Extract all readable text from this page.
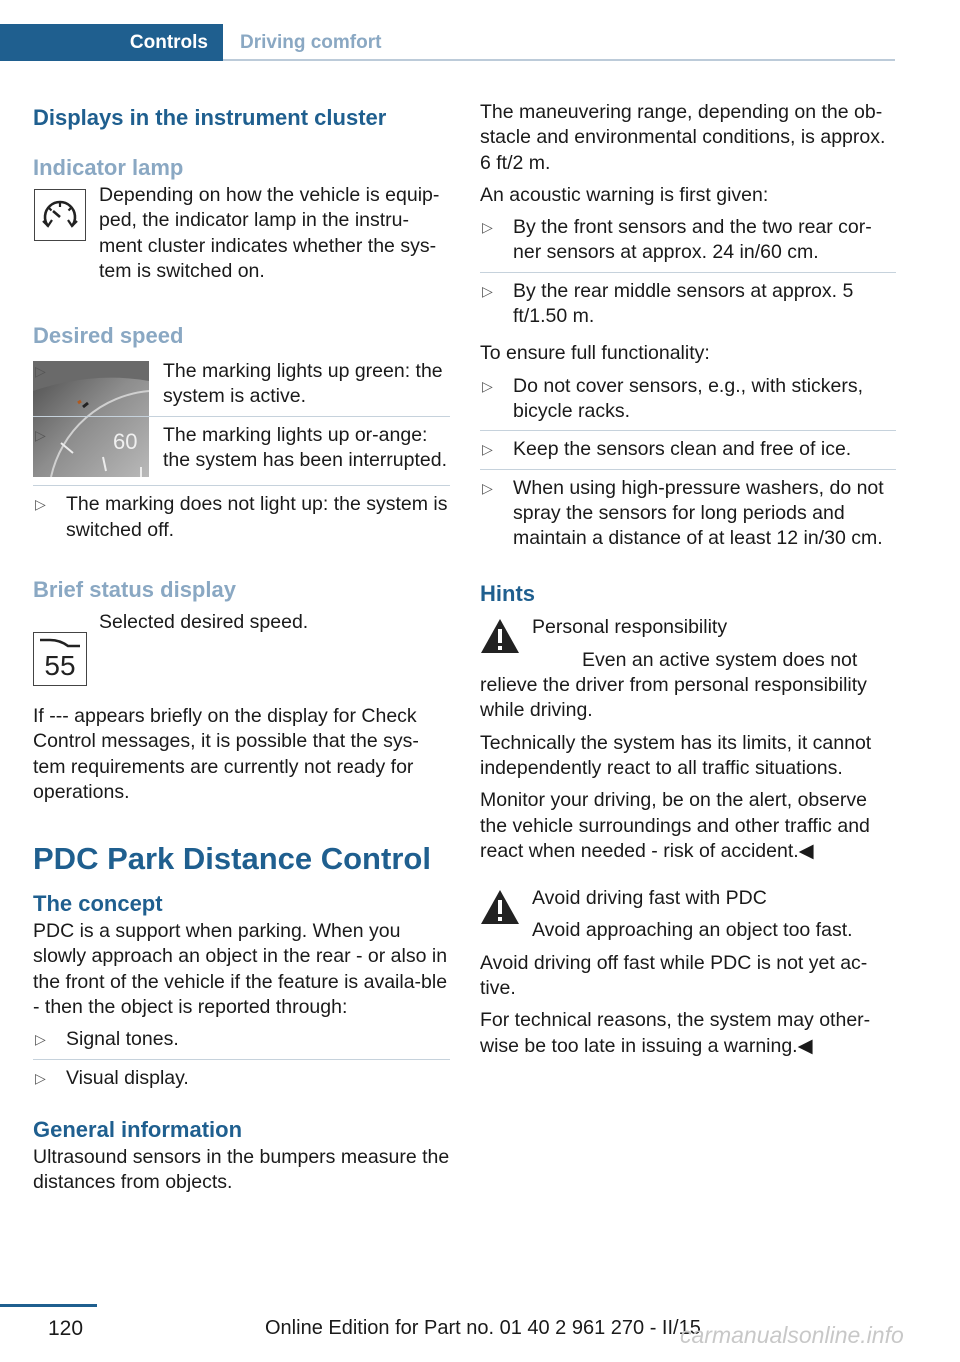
Controls	Driving comfort
Displays in the instrument cluster
Indicator lamp

Depending on how the vehicle is equip-ped, the indicator lamp in the instru-ment cluster indicates whether the sys-tem is switched on.

Desired speed
60
▷	The marking lights up green: the system is active.
▷	The marking lights up or-ange: the system has been interrupted.
▷ The marking does not light up: the system is switched off.
Brief status display
55

Selected desired speed.

If --- appears briefly on the display for Check Control messages, it is possible that the sys-tem requirements are currently not ready for operations.

PDC Park Distance Control
The concept

PDC is a support when parking. When you slowly approach an object in the rear - or also in the front of the vehicle if the feature is availa-ble - then the object is reported through:

▷ Signal tones.
▷ Visual display.
General information

Ultrasound sensors in the bumpers measure the distances from objects.

The maneuvering range, depending on the ob-stacle and environmental conditions, is approx. 6 ft/2 m.

An acoustic warning is first given:

▷ By the front sensors and the two rear cor-ner sensors at approx. 24 in/60 cm.
▷ By the rear middle sensors at approx. 5 ft/1.50 m.

To ensure full functionality:

▷ Do not cover sensors, e.g., with stickers, bicycle racks.
▷ Keep the sensors clean and free of ice.
▷ When using high-pressure washers, do not spray the sensors for long periods and maintain a distance of at least 12 in/30 cm.
Hints

Personal responsibility

Even an active system does not relieve the driver from personal responsibility while driving.

Technically the system has its limits, it cannot independently react to all traffic situations.

Monitor your driving, be on the alert, observe the vehicle surroundings and other traffic and react when needed - risk of accident.◀

Avoid driving fast with PDC

Avoid approaching an object too fast.

Avoid driving off fast while PDC is not yet ac-tive.

For technical reasons, the system may other-wise be too late in issuing a warning.◀

120	Online Edition for Part no. 01 40 2 961 270 - II/15
carmanualsonline.info
